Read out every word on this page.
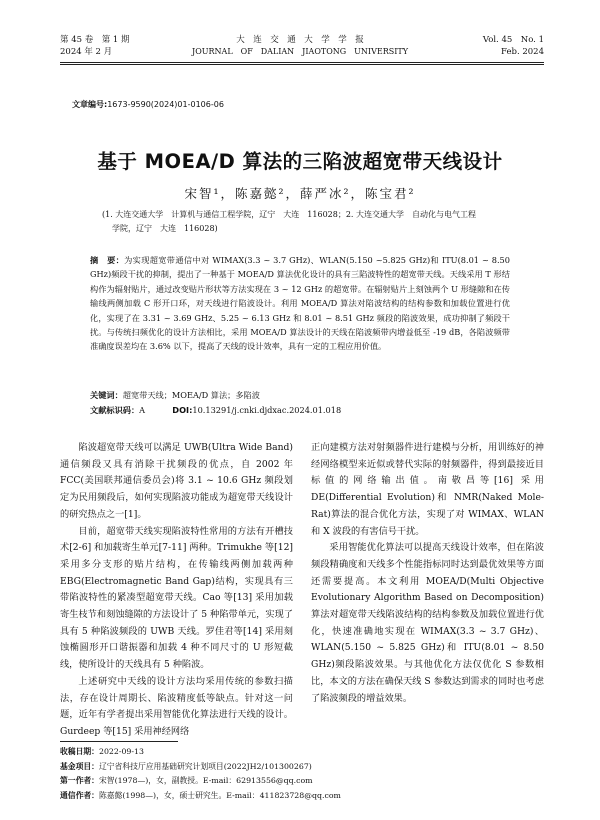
第 45 卷　第 1 期
2024 年 2 月
大　连　交　通　大　学　学　报
JOURNAL　OF　DALIAN　JIAOTONG　UNIVERSITY
Vol. 45　No. 1
Feb. 2024
文章编号:1673-9590(2024)01-0106-06
基于 MOEA/D 算法的三陷波超宽带天线设计
宋智¹，陈嘉懿²，薛严冰²，陈宝君²
(1. 大连交通大学　计算机与通信工程学院，辽宁　大连　116028；2. 大连交通大学　自动化与电气工程
学院，辽宁　大连　116028)
摘　要：为实现超宽带通信中对 WIMAX(3.3 ~ 3.7 GHz)、WLAN(5.150 ~5.825 GHz)和 ITU(8.01 ~ 8.50 GHz)频段干扰的抑制，提出了一种基于 MOEA/D 算法优化设计的具有三陷波特性的超宽带天线。天线采用 T 形结构作为辐射贴片，通过改变贴片形状等方法实现在 3 ~ 12 GHz 的超宽带。在辐射贴片上刻蚀两个 U 形缝隙和在传输线两侧加载 C 形开口环，对天线进行陷波设计。利用 MOEA/D 算法对陷波结构的结构参数和加载位置进行优化，实现了在 3.31 ~ 3.69 GHz、5.25 ~ 6.13 GHz 和 8.01 ~ 8.51 GHz 频段的陷波效果，成功抑制了频段干扰。与传统扫频优化的设计方法相比，采用 MOEA/D 算法设计的天线在陷波频带内增益低至 -19 dB，各陷波频带准确度误差均在 3.6% 以下，提高了天线的设计效率，具有一定的工程应用价值。
关键词：超宽带天线；MOEA/D 算法；多陷波
文献标识码：A	DOI:10.13291/j.cnki.djdxac.2024.01.018

陷波超宽带天线可以满足 UWB(Ultra Wide Band)通信频段又具有消除干扰频段的优点，自 2002 年 FCC(美国联邦通信委员会)将 3.1 ~ 10.6 GHz 频段划定为民用频段后，如何实现陷波功能成为超宽带天线设计的研究热点之一[1]。

目前，超宽带天线实现陷波特性常用的方法有开槽技术[2-6] 和加载寄生单元[7-11] 两种。Trimukhe 等[12] 采用多分支形的贴片结构，在传输线两侧加载两种 EBG(Electromagnetic Band Gap)结构，实现具有三带陷波特性的紧凑型超宽带天线。Cao 等[13] 采用加载寄生枝节和刻蚀缝隙的方法设计了 5 种陷带单元，实现了具有 5 种陷波频段的 UWB 天线。罗佳君等[14] 采用刻蚀椭圆形开口谐振器和加载 4 种不同尺寸的 U 形短截线，使所设计的天线具有 5 种陷波。

上述研究中天线的设计方法均采用传统的参数扫描法，存在设计周期长、陷波精度低等缺点。针对这一问题，近年有学者提出采用智能优化算法进行天线的设计。Gurdeep 等[15] 采用神经网络

正向建模方法对射频器件进行建模与分析，用训练好的神经网络模型来近似或替代实际的射频器件，得到最接近目标值的网络输出值。南敬昌等[16] 采用 DE(Differential Evolution)和 NMR(Naked Mole-Rat)算法的混合优化方法，实现了对 WIMAX、WLAN 和 X 波段的有害信号干扰。

采用智能优化算法可以提高天线设计效率，但在陷波频段精确度和天线多个性能指标同时达到最优效果等方面还需要提高。本文利用 MOEA/D(Multi Objective Evolutionary Algorithm Based on Decomposition)算法对超宽带天线陷波结构的结构参数及加载位置进行优化，快速准确地实现在 WIMAX(3.3 ~ 3.7 GHz)、WLAN(5.150 ~ 5.825 GHz)和 ITU(8.01 ~ 8.50 GHz)频段陷波效果。与其他优化方法仅优化 S 参数相比，本文的方法在确保天线 S 参数达到需求的同时也考虑了陷波频段的增益效果。

收稿日期：2022-09-13
基金项目：辽宁省科技厅应用基础研究计划项目(2022JH2/101300267)
第一作者：宋智(1978—)，女，副教授。E-mail：62913556@qq.com
通信作者：陈嘉懿(1998—)，女，硕士研究生。E-mail：411823728@qq.com
